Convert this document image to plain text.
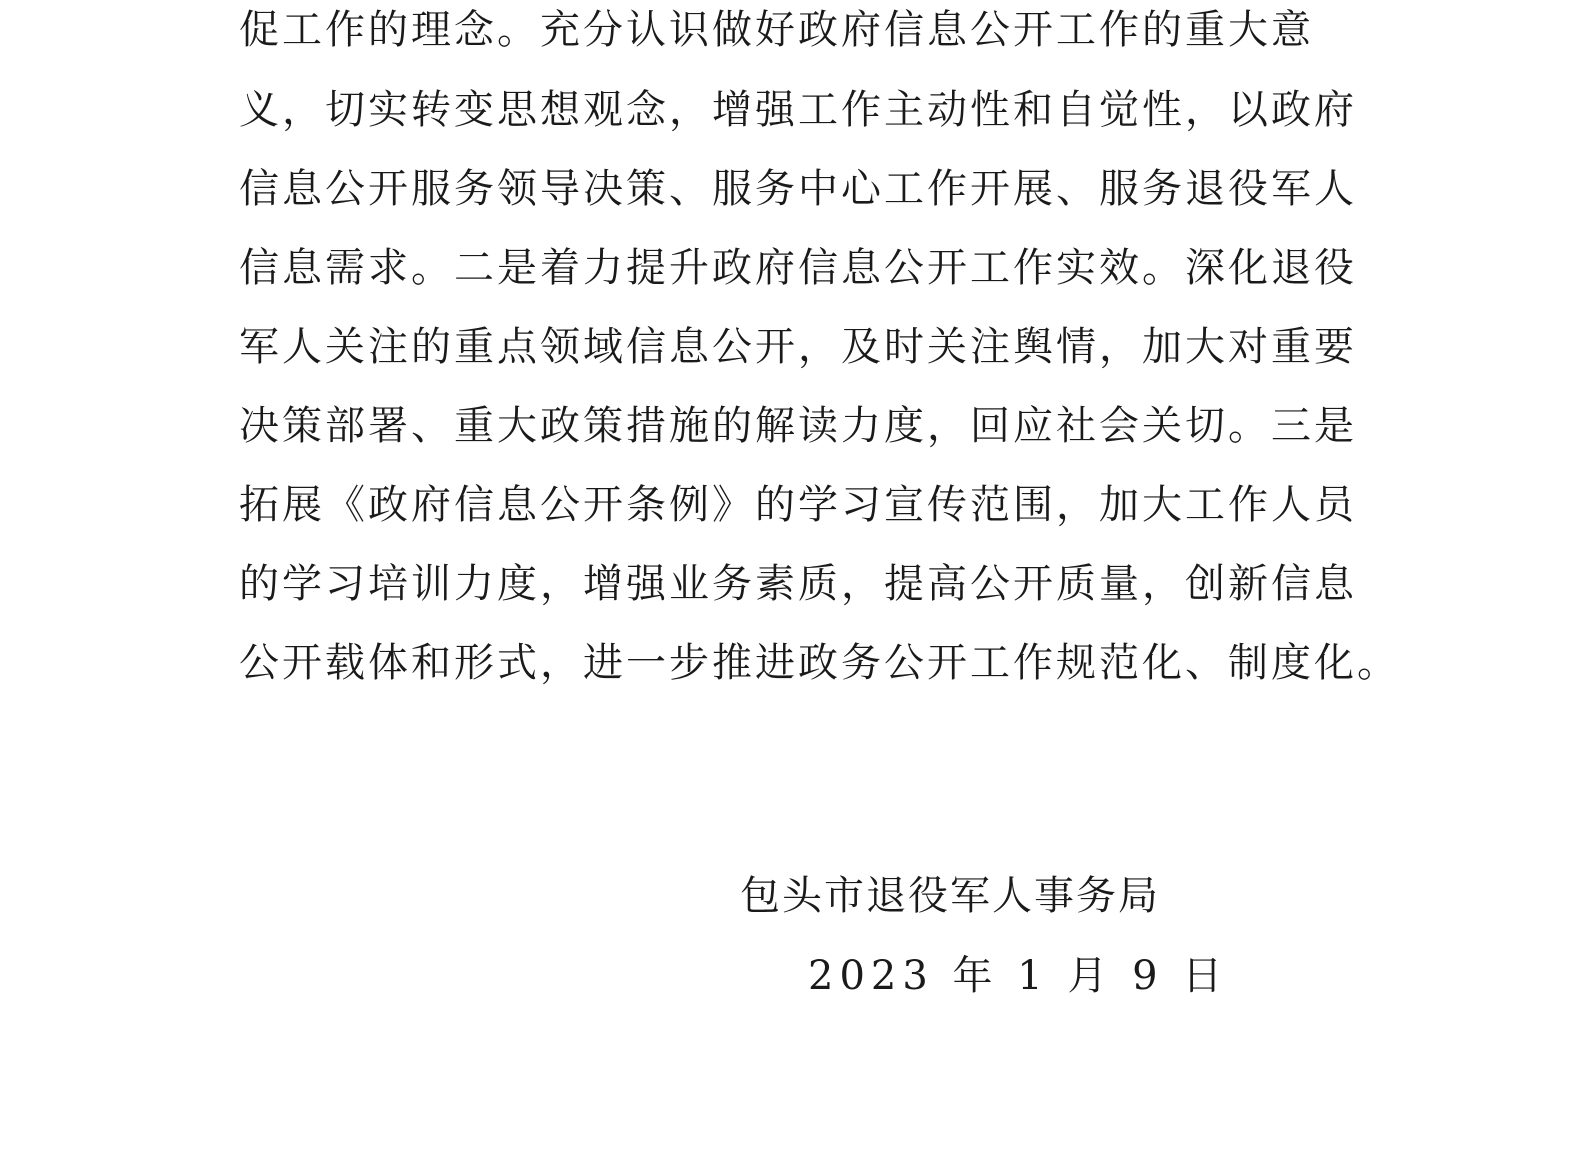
促工作的理念。充分认识做好政府信息公开工作的重大意
义，切实转变思想观念，增强工作主动性和自觉性，以政府
信息公开服务领导决策、服务中心工作开展、服务退役军人
信息需求。二是着力提升政府信息公开工作实效。深化退役
军人关注的重点领域信息公开，及时关注舆情，加大对重要
决策部署、重大政策措施的解读力度，回应社会关切。三是
拓展《政府信息公开条例》的学习宣传范围，加大工作人员
的学习培训力度，增强业务素质，提高公开质量，创新信息
公开载体和形式，进一步推进政务公开工作规范化、制度化。
包头市退役军人事务局
2023 年 1 月 9 日
